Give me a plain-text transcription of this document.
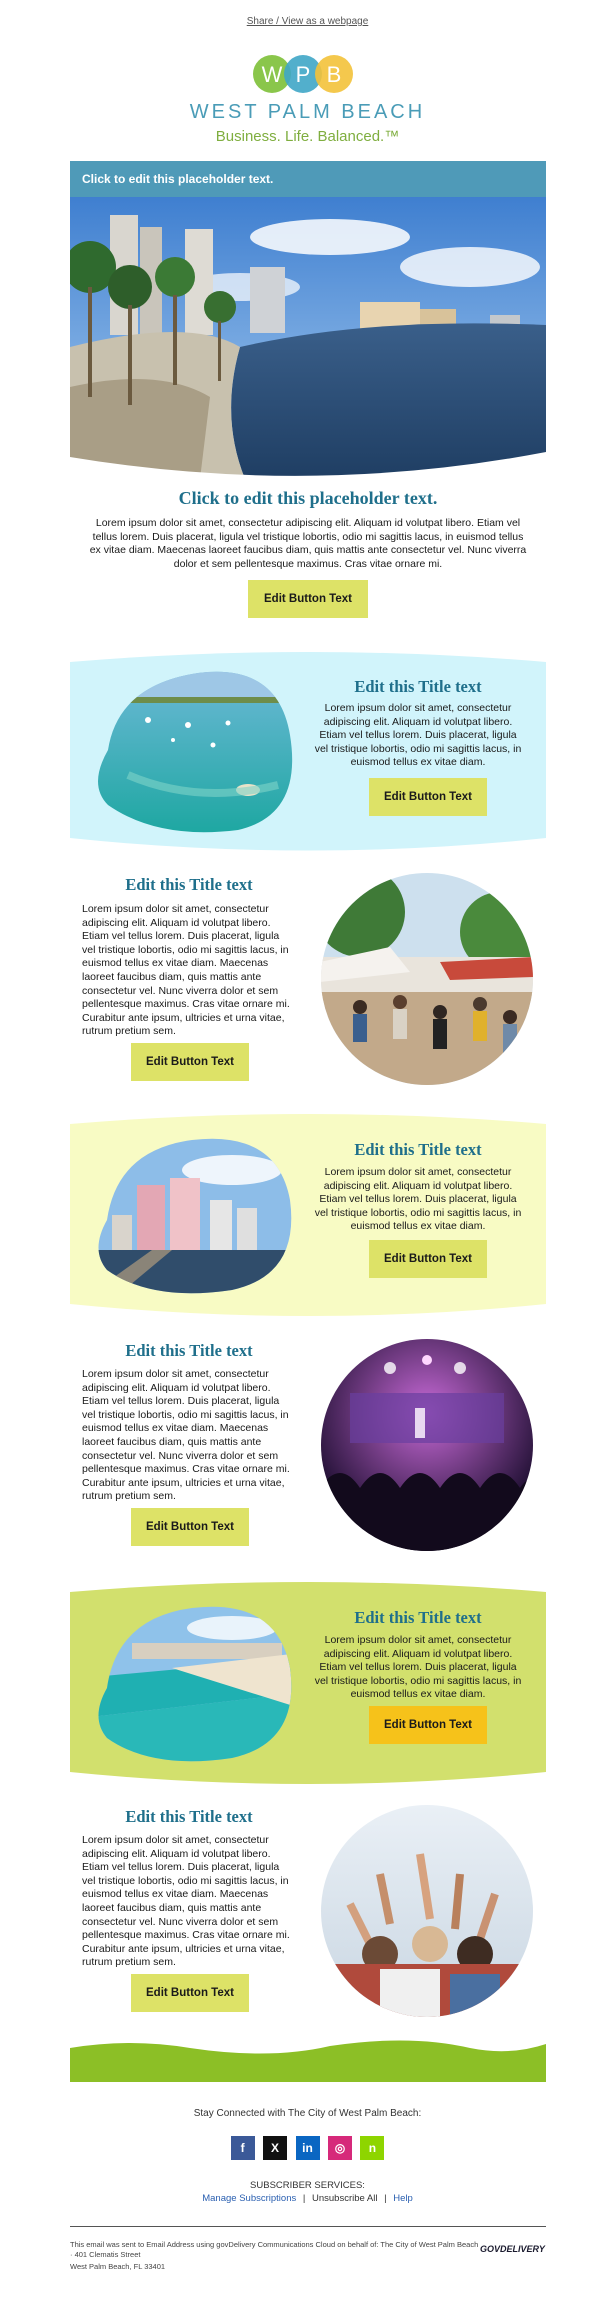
Share / View as a webpage
W P B
WEST PALM BEACH
Business. Life. Balanced.™
Click to edit this placeholder text.
Click to edit this placeholder text.
Lorem ipsum dolor sit amet, consectetur adipiscing elit. Aliquam id volutpat libero. Etiam vel tellus lorem. Duis placerat, ligula vel tristique lobortis, odio mi sagittis lacus, in euismod tellus ex vitae diam. Maecenas laoreet faucibus diam, quis mattis ante consectetur vel. Nunc viverra dolor et sem pellentesque maximus. Cras vitae ornare mi.
Edit Button Text
Edit this Title text
Lorem ipsum dolor sit amet, consectetur adipiscing elit. Aliquam id volutpat libero. Etiam vel tellus lorem. Duis placerat, ligula vel tristique lobortis, odio mi sagittis lacus, in euismod tellus ex vitae diam.
Edit Button Text
Edit this Title text
Lorem ipsum dolor sit amet, consectetur adipiscing elit. Aliquam id volutpat libero. Etiam vel tellus lorem. Duis placerat, ligula vel tristique lobortis, odio mi sagittis lacus, in euismod tellus ex vitae diam. Maecenas laoreet faucibus diam, quis mattis ante consectetur vel. Nunc viverra dolor et sem pellentesque maximus. Cras vitae ornare mi. Curabitur ante ipsum, ultricies et urna vitae, rutrum pretium sem.
Edit Button Text
Edit this Title text
Lorem ipsum dolor sit amet, consectetur adipiscing elit. Aliquam id volutpat libero. Etiam vel tellus lorem. Duis placerat, ligula vel tristique lobortis, odio mi sagittis lacus, in euismod tellus ex vitae diam.
Edit Button Text
Edit this Title text
Lorem ipsum dolor sit amet, consectetur adipiscing elit. Aliquam id volutpat libero. Etiam vel tellus lorem. Duis placerat, ligula vel tristique lobortis, odio mi sagittis lacus, in euismod tellus ex vitae diam. Maecenas laoreet faucibus diam, quis mattis ante consectetur vel. Nunc viverra dolor et sem pellentesque maximus. Cras vitae ornare mi. Curabitur ante ipsum, ultricies et urna vitae, rutrum pretium sem.
Edit Button Text
Edit this Title text
Lorem ipsum dolor sit amet, consectetur adipiscing elit. Aliquam id volutpat libero. Etiam vel tellus lorem. Duis placerat, ligula vel tristique lobortis, odio mi sagittis lacus, in euismod tellus ex vitae diam.
Edit Button Text
Edit this Title text
Lorem ipsum dolor sit amet, consectetur adipiscing elit. Aliquam id volutpat libero. Etiam vel tellus lorem. Duis placerat, ligula vel tristique lobortis, odio mi sagittis lacus, in euismod tellus ex vitae diam. Maecenas laoreet faucibus diam, quis mattis ante consectetur vel. Nunc viverra dolor et sem pellentesque maximus. Cras vitae ornare mi. Curabitur ante ipsum, ultricies et urna vitae, rutrum pretium sem.
Edit Button Text
Stay Connected with The City of West Palm Beach:
f X in ◎ n
SUBSCRIBER SERVICES:
Manage Subscriptions | Unsubscribe All | Help
This email was sent to Email Address using govDelivery Communications Cloud on behalf of: The City of West Palm Beach · 401 Clematis Street
West Palm Beach, FL 33401
GOVDELIVERY
